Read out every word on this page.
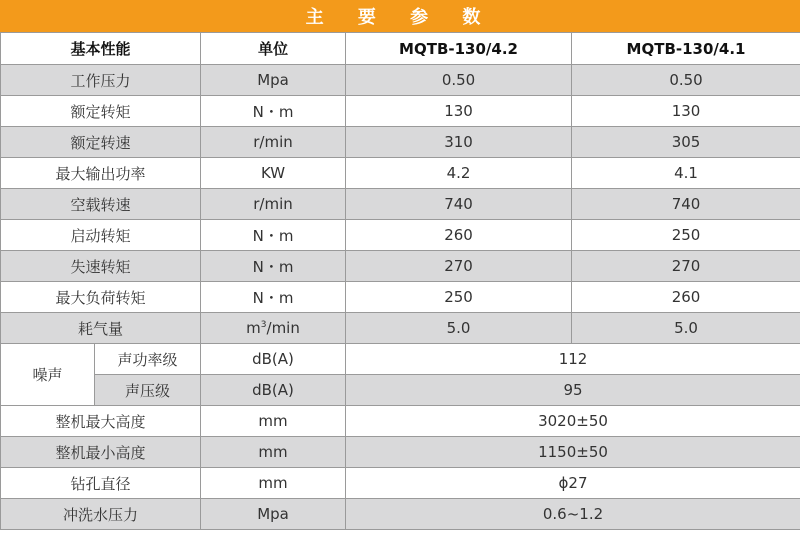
主 要 参 数
基本性能		单位	MQTB-130/4.2	MQTB-130/4.1
工作压力		Mpa	0.50	0.50
额定转矩		N・m	130	130
额定转速		r/min	310	305
最大输出功率		KW	4.2	4.1
空载转速		r/min	740	740
启动转矩		N・m	260	250
失速转矩		N・m	270	270
最大负荷转矩		N・m	250	260
耗气量		$m^3/\min$	5.0	5.0
噪声	声功率级	dB(A)	112	
	声压级	dB(A)	95	
整机最大高度		mm	3020±50	
整机最小高度		mm	1150±50	
钻孔直径		mm	ϕ27	
冲洗水压力		Mpa	0.6~1.2	
